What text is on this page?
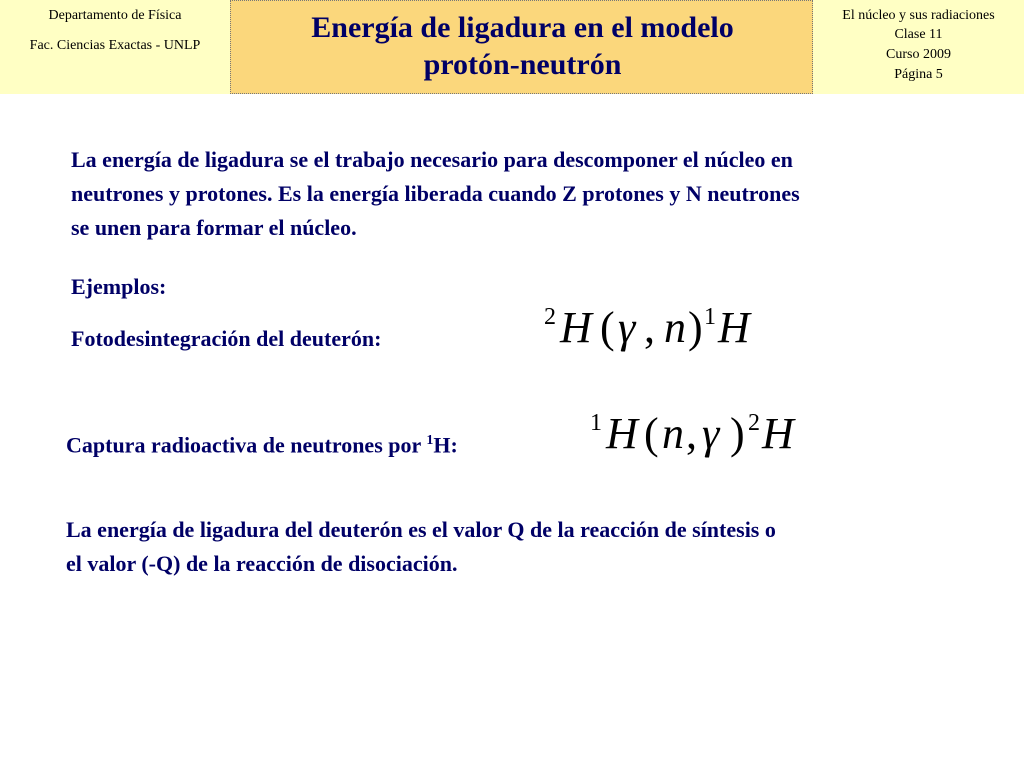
Departamento de Física
Fac. Ciencias Exactas - UNLP
Energía de ligadura en el modelo
protón-neutrón
El núcleo y sus radiaciones
Clase 11
Curso 2009
Página 5
La energía de ligadura se el trabajo necesario para descomponer el núcleo en
neutrones y protones. Es la energía liberada cuando Z protones y N neutrones
se unen para formar el núcleo.
Ejemplos:
Fotodesintegración del deuterón:
2 H ( γ , n ) 1 H
Captura radioactiva de neutrones por $^1$H:
1 H ( n , γ ) 2 H
La energía de ligadura del deuterón es el valor Q de la reacción de síntesis o
el valor (-Q) de la reacción de disociación.
